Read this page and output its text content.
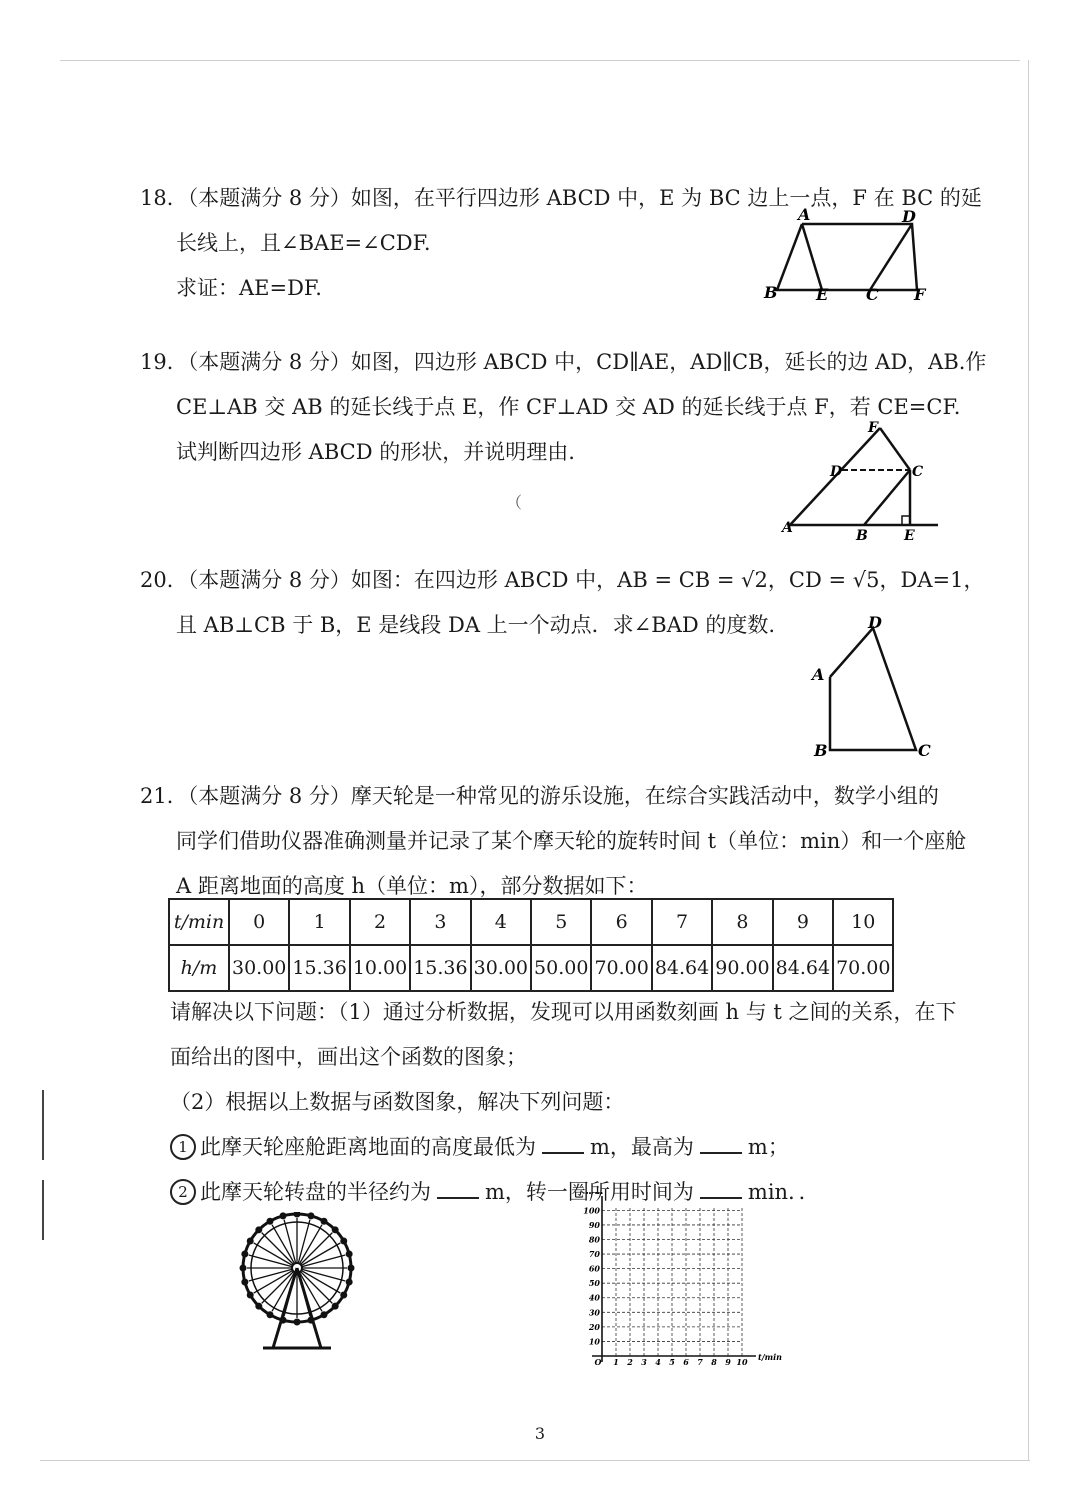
18．（本题满分 8 分）如图，在平行四边形 ABCD 中，E 为 BC 边上一点，F 在 BC 的延

长线上，且∠BAE=∠CDF.

求证：AE=DF.

A	D
B E C F

19．（本题满分 8 分）如图，四边形 ABCD 中，CD∥AE，AD∥CB，延长的边 AD，AB.作

CE⊥AB 交 AB 的延长线于点 E，作 CF⊥AD 交 AD 的延长线于点 F，若 CE=CF.

试判断四边形 ABCD 的形状，并说明理由.

（
F
D	C
A	B	E

20．（本题满分 8 分）如图：在四边形 ABCD 中，AB = CB = √2，CD = √5，DA=1，

且 AB⊥CB 于 B，E 是线段 DA 上一个动点．求∠BAD 的度数.	D
A
B	C

21．（本题满分 8 分）摩天轮是一种常见的游乐设施，在综合实践活动中，数学小组的

同学们借助仪器准确测量并记录了某个摩天轮的旋转时间 t（单位：min）和一个座舱

A 距离地面的高度 h（单位：m），部分数据如下：

t/min	0	1	2	3	4	5	6	7	8	9	10
h/m	30.00	15.36	10.00	15.36	30.00	50.00	70.00	84.64	90.00	84.64	70.00

请解决以下问题：（1）通过分析数据，发现可以用函数刻画 h 与 t 之间的关系，在下

面给出的图中，画出这个函数的图象；

（2）根据以上数据与函数图象，解决下列问题：

1 此摩天轮座舱距离地面的高度最低为	m，最高为	m；

2 此摩天轮转盘的半径约为	m，转一圈所用时间为	min．．

t/min
100
90
80
70
60
50
40
30
20
10
O 1 2 3 4 5 6 7 8 9 10
3
